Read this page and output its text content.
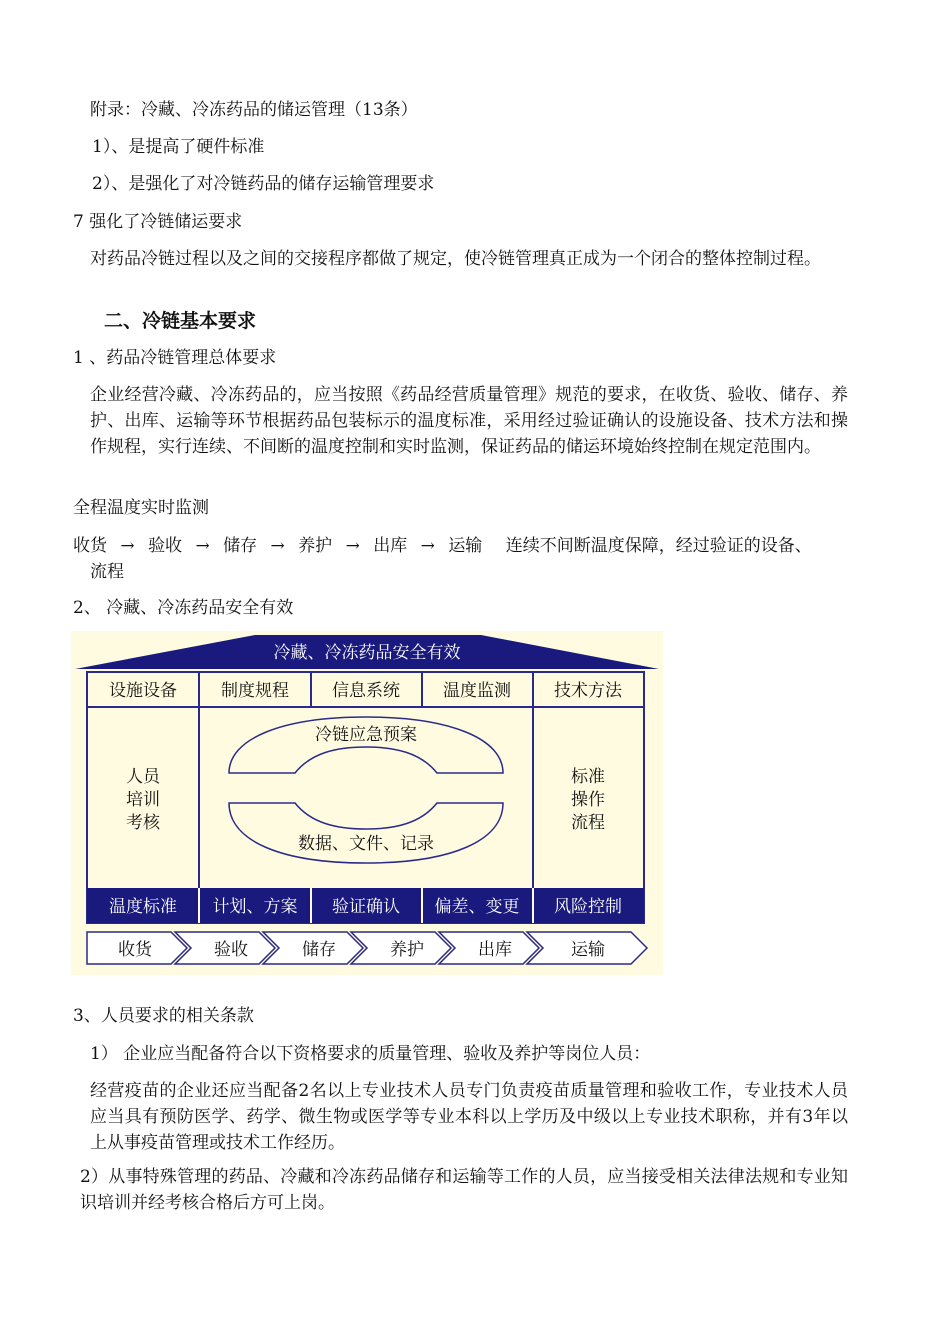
附录：冷藏、冷冻药品的储运管理（13条）
1）、是提高了硬件标准
2）、是强化了对冷链药品的储存运输管理要求
7 强化了冷链储运要求
对药品冷链过程以及之间的交接程序都做了规定，使冷链管理真正成为一个闭合的整体控制过程。
二、冷链基本要求
1 、药品冷链管理总体要求
企业经营冷藏、冷冻药品的，应当按照《药品经营质量管理》规范的要求，在收货、验收、储存、养护、出库、运输等环节根据药品包装标示的温度标准，采用经过验证确认的设施设备、技术方法和操作规程，实行连续、不间断的温度控制和实时监测，保证药品的储运环境始终控制在规定范围内。
全程温度实时监测
收货 → 验收 → 储存 → 养护 → 出库 → 运输 连续不间断温度保障，经过验证的设备、
流程
2、 冷藏、冷冻药品安全有效
冷藏、冷冻药品安全有效
设施设备	制度规程	信息系统	温度监测	技术方法
人员
培训
考核
标准
操作
流程
冷链应急预案
数据、文件、记录
温度标准 计划、方案 验证确认 偏差、变更 风险控制
收货	验收	储存	养护	出库	运输
3、人员要求的相关条款
1） 企业应当配备符合以下资格要求的质量管理、验收及养护等岗位人员：
经营疫苗的企业还应当配备2名以上专业技术人员专门负责疫苗质量管理和验收工作，专业技术人员应当具有预防医学、药学、微生物或医学等专业本科以上学历及中级以上专业技术职称，并有3年以上从事疫苗管理或技术工作经历。
2）从事特殊管理的药品、冷藏和冷冻药品储存和运输等工作的人员，应当接受相关法律法规和专业知识培训并经考核合格后方可上岗。
